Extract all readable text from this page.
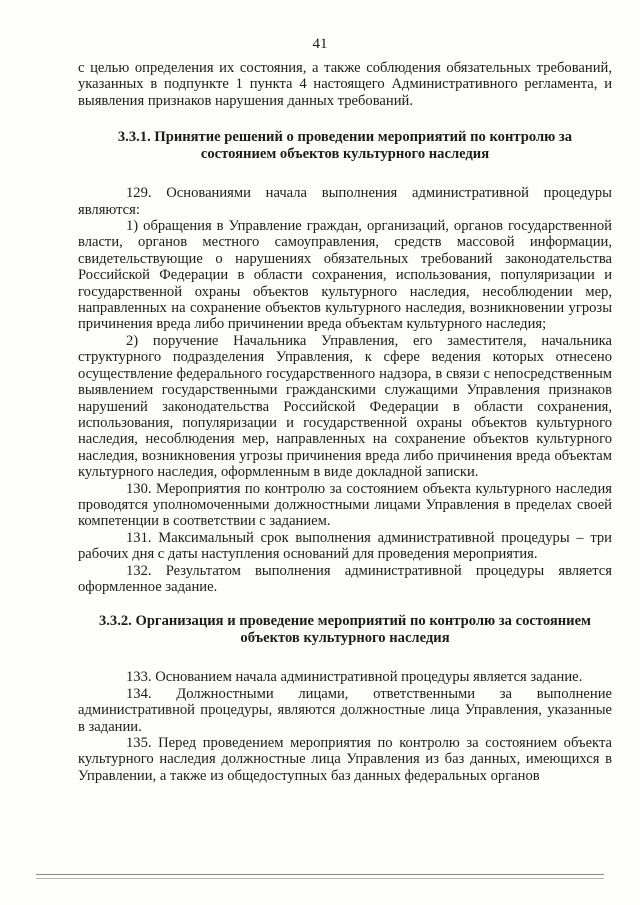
41

с целью определения их состояния, а также соблюдения обязательных требований, указанных в подпункте 1 пункта 4 настоящего Административного регламента, и выявления признаков нарушения данных требований.

3.3.1. Принятие решений о проведении мероприятий по контролю за состоянием объектов культурного наследия

129. Основаниями начала выполнения административной процедуры являются:

1) обращения в Управление граждан, организаций, органов государственной власти, органов местного самоуправления, средств массовой информации, свидетельствующие о нарушениях обязательных требований законодательства Российской Федерации в области сохранения, использования, популяризации и государственной охраны объектов культурного наследия, несоблюдении мер, направленных на сохранение объектов культурного наследия, возникновении угрозы причинения вреда либо причинении вреда объектам культурного наследия;

2) поручение Начальника Управления, его заместителя, начальника структурного подразделения Управления, к сфере ведения которых отнесено осуществление федерального государственного надзора, в связи с непосредственным выявлением государственными гражданскими служащими Управления признаков нарушений законодательства Российской Федерации в области сохранения, использования, популяризации и государственной охраны объектов культурного наследия, несоблюдения мер, направленных на сохранение объектов культурного наследия, возникновения угрозы причинения вреда либо причинения вреда объектам культурного наследия, оформленным в виде докладной записки.

130. Мероприятия по контролю за состоянием объекта культурного наследия проводятся уполномоченными должностными лицами Управления в пределах своей компетенции в соответствии с заданием.

131. Максимальный срок выполнения административной процедуры – три рабочих дня с даты наступления оснований для проведения мероприятия.

132. Результатом выполнения административной процедуры является оформленное задание.

3.3.2. Организация и проведение мероприятий по контролю за состоянием объектов культурного наследия

133. Основанием начала административной процедуры является задание.

134. Должностными лицами, ответственными за выполнение административной процедуры, являются должностные лица Управления, указанные в задании.

135. Перед проведением мероприятия по контролю за состоянием объекта культурного наследия должностные лица Управления из баз данных, имеющихся в Управлении, а также из общедоступных баз данных федеральных органов
